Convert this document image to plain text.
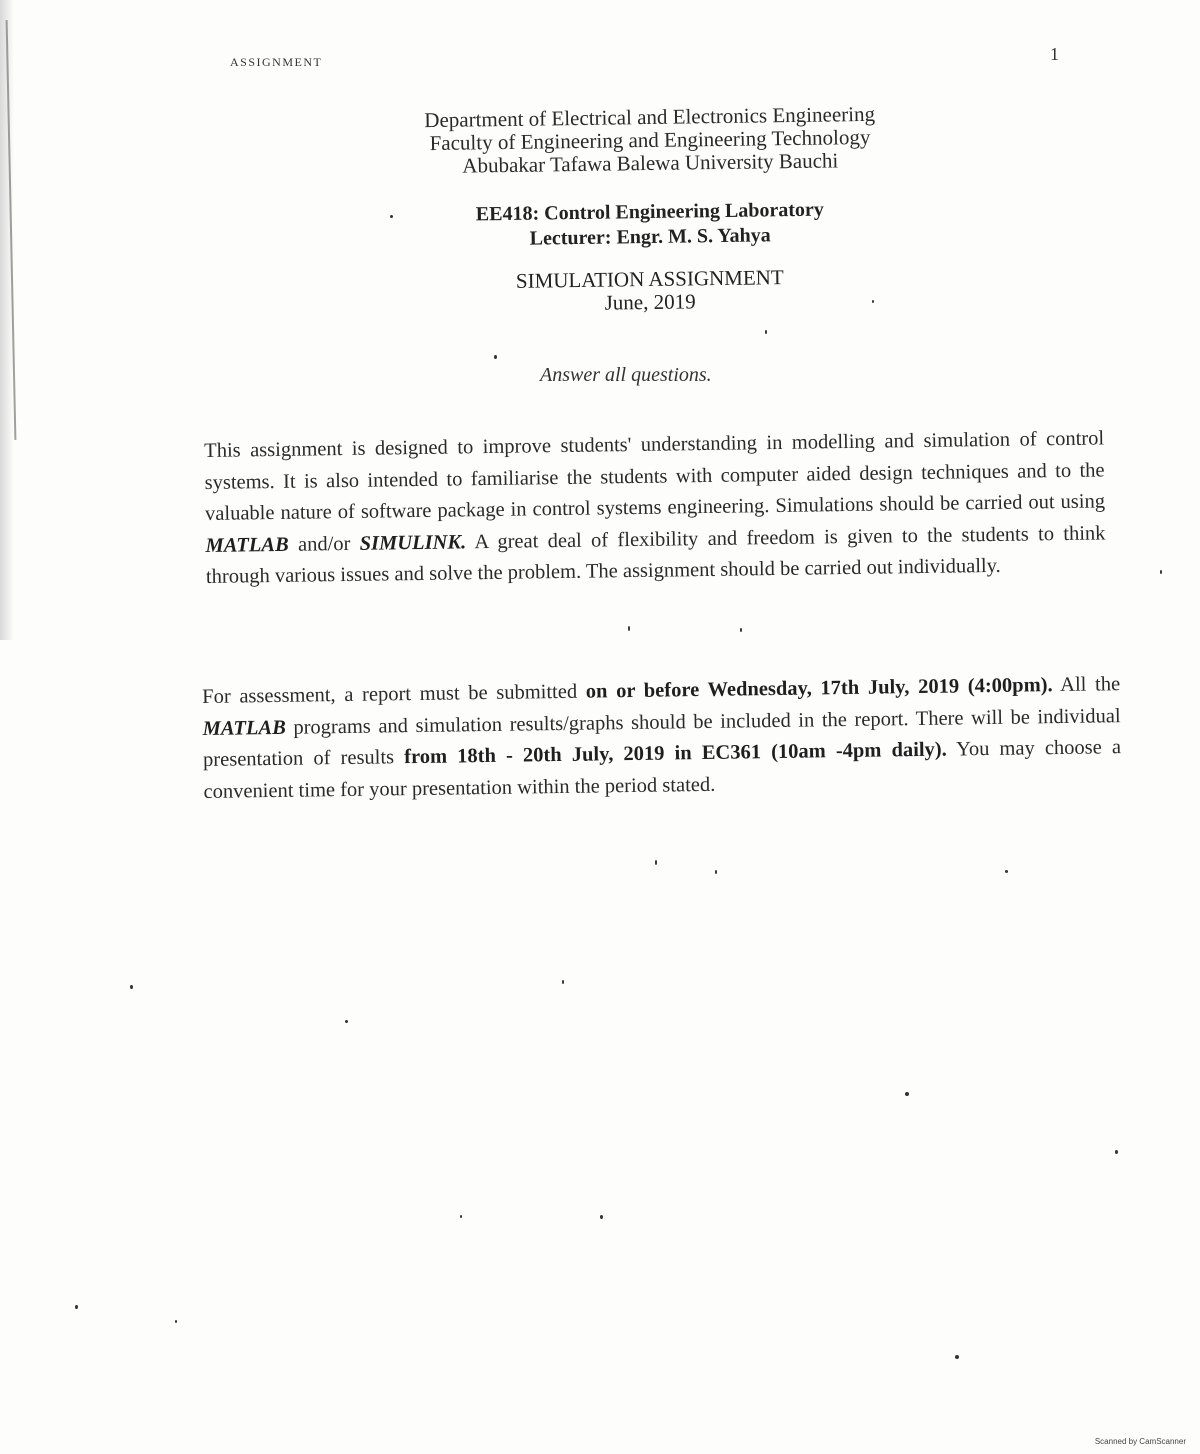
ASSIGNMENT	1
Department of Electrical and Electronics Engineering
Faculty of Engineering and Engineering Technology
Abubakar Tafawa Balewa University Bauchi
EE418: Control Engineering Laboratory
Lecturer: Engr. M. S. Yahya
SIMULATION ASSIGNMENT
June, 2019
Answer all questions.
This assignment is designed to improve students' understanding in modelling and simulation of control systems. It is also intended to familiarise the students with computer aided design techniques and to the valuable nature of software package in control systems engineering. Simulations should be carried out using MATLAB and/or SIMULINK. A great deal of flexibility and freedom is given to the students to think through various issues and solve the problem. The assignment should be carried out individually.
For assessment, a report must be submitted on or before Wednesday, 17th July, 2019 (4:00pm). All the MATLAB programs and simulation results/graphs should be included in the report. There will be individual presentation of results from 18th - 20th July, 2019 in EC361 (10am -4pm daily). You may choose a convenient time for your presentation within the period stated.
Scanned by CamScanner
